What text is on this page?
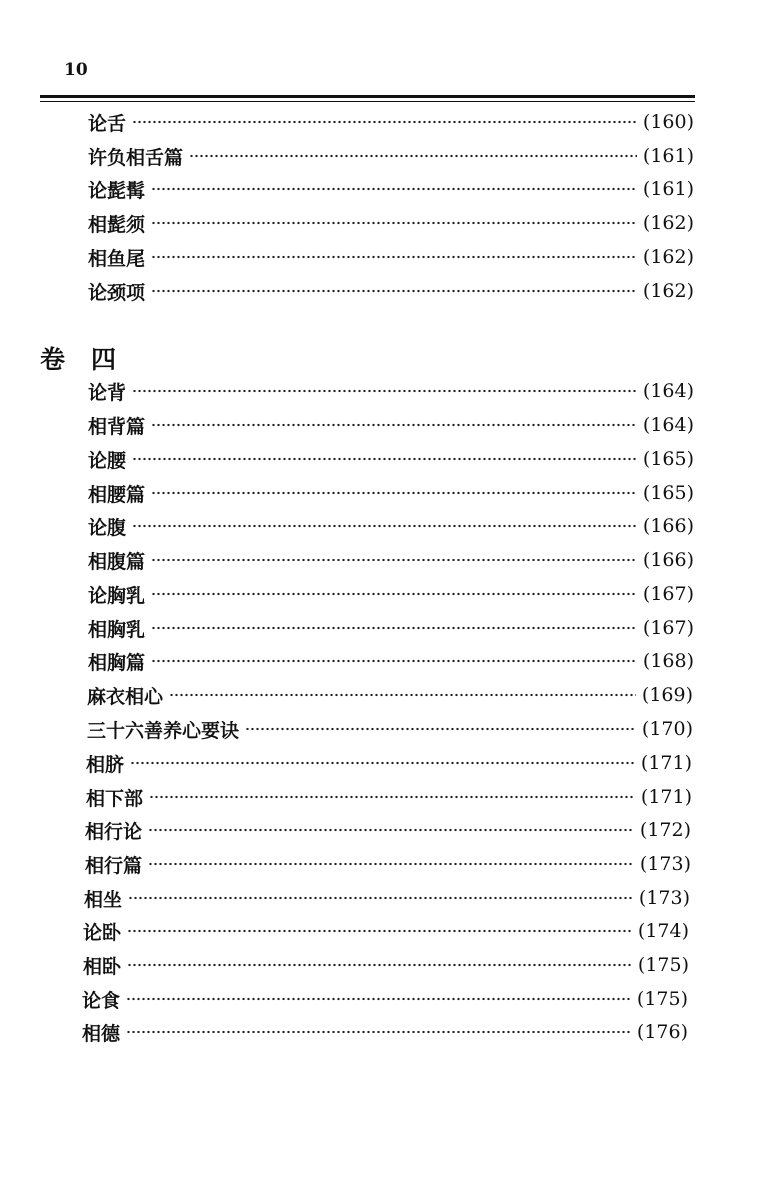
10
论舌	(160)
许负相舌篇	(161)
论髭髯	(161)
相髭须	(162)
相鱼尾	(162)
论颈项	(162)
卷 四
论背	(164)
相背篇	(164)
论腰	(165)
相腰篇	(165)
论腹	(166)
相腹篇	(166)
论胸乳	(167)
相胸乳	(167)
相胸篇	(168)
麻衣相心	(169)
三十六善养心要诀	(170)
相脐	(171)
相下部	(171)
相行论	(172)
相行篇	(173)
相坐	(173)
论卧	(174)
相卧	(175)
论食	(175)
相德	(176)
